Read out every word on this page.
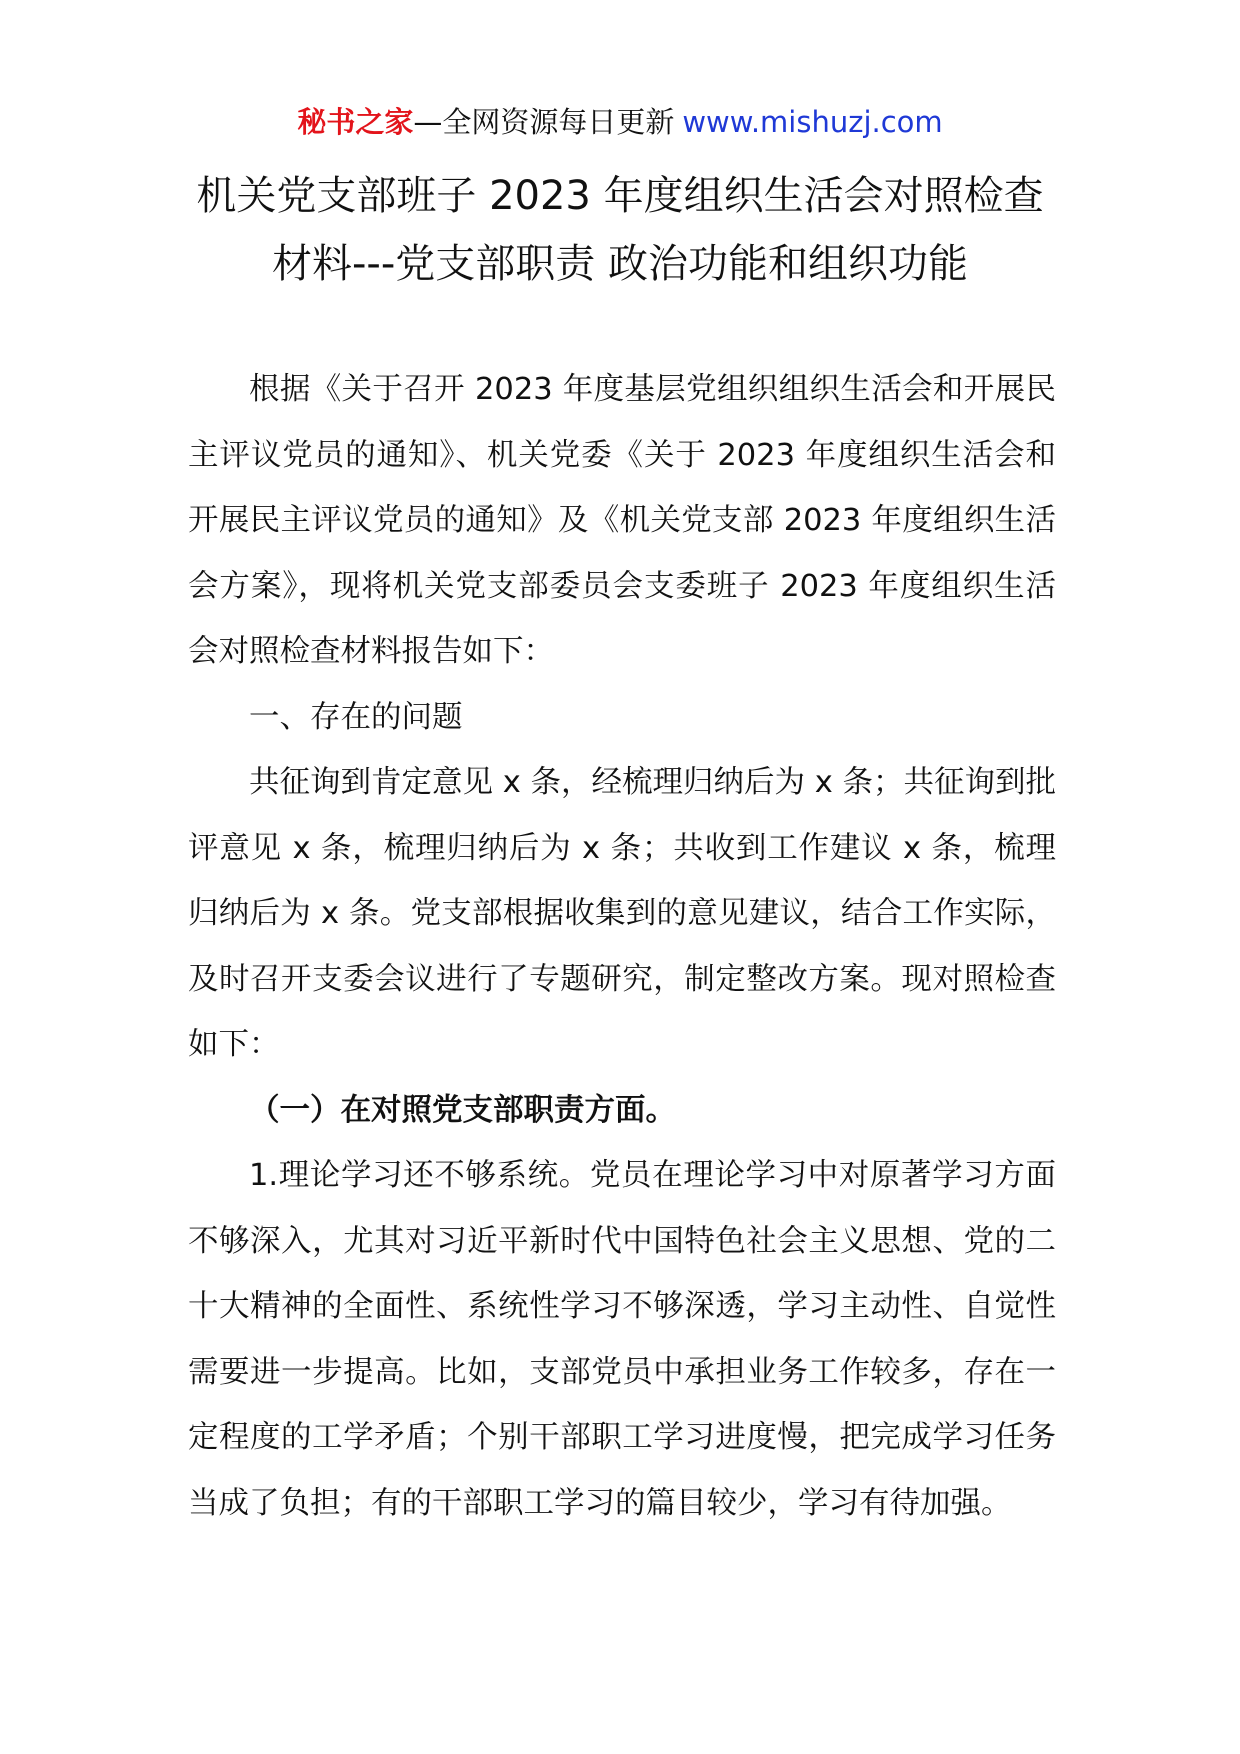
秘书之家—全网资源每日更新 www.mishuzj.com
机关党支部班子 2023 年度组织生活会对照检查
材料---党支部职责 政治功能和组织功能

根据《关于召开 2023 年度基层党组织组织生活会和开展民主评议党员的通知》、机关党委《关于 2023 年度组织生活会和开展民主评议党员的通知》及《机关党支部 2023 年度组织生活会方案》，现将机关党支部委员会支委班子 2023 年度组织生活会对照检查材料报告如下：

一、存在的问题

共征询到肯定意见 x 条，经梳理归纳后为 x 条；共征询到批评意见 x 条，梳理归纳后为 x 条；共收到工作建议 x 条，梳理归纳后为 x 条。党支部根据收集到的意见建议，结合工作实际，及时召开支委会议进行了专题研究，制定整改方案。现对照检查如下：

（一）在对照党支部职责方面。

1.理论学习还不够系统。党员在理论学习中对原著学习方面不够深入，尤其对习近平新时代中国特色社会主义思想、党的二十大精神的全面性、系统性学习不够深透，学习主动性、自觉性需要进一步提高。比如，支部党员中承担业务工作较多，存在一定程度的工学矛盾；个别干部职工学习进度慢，把完成学习任务当成了负担；有的干部职工学习的篇目较少，学习有待加强。
